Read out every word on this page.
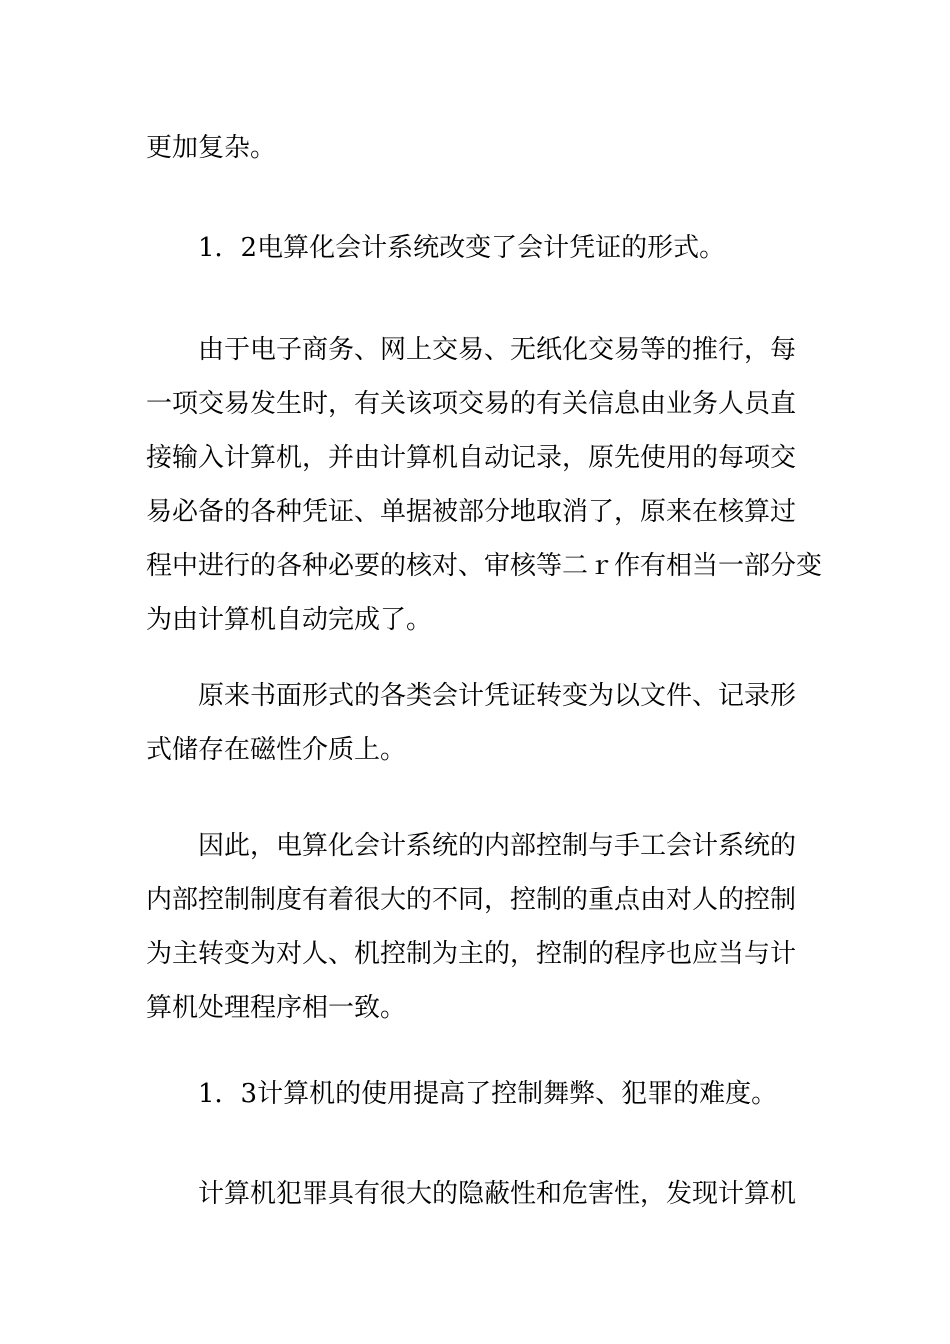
更加复杂。
1．2电算化会计系统改变了会计凭证的形式。
由于电子商务、网上交易、无纸化交易等的推行，每
一项交易发生时，有关该项交易的有关信息由业务人员直
接输入计算机，并由计算机自动记录，原先使用的每项交
易必备的各种凭证、单据被部分地取消了，原来在核算过
程中进行的各种必要的核对、审核等二ｒ作有相当一部分变
为由计算机自动完成了。
原来书面形式的各类会计凭证转变为以文件、记录形
式储存在磁性介质上。
因此，电算化会计系统的内部控制与手工会计系统的
内部控制制度有着很大的不同，控制的重点由对人的控制
为主转变为对人、机控制为主的，控制的程序也应当与计
算机处理程序相一致。
1．3计算机的使用提高了控制舞弊、犯罪的难度。
计算机犯罪具有很大的隐蔽性和危害性，发现计算机
